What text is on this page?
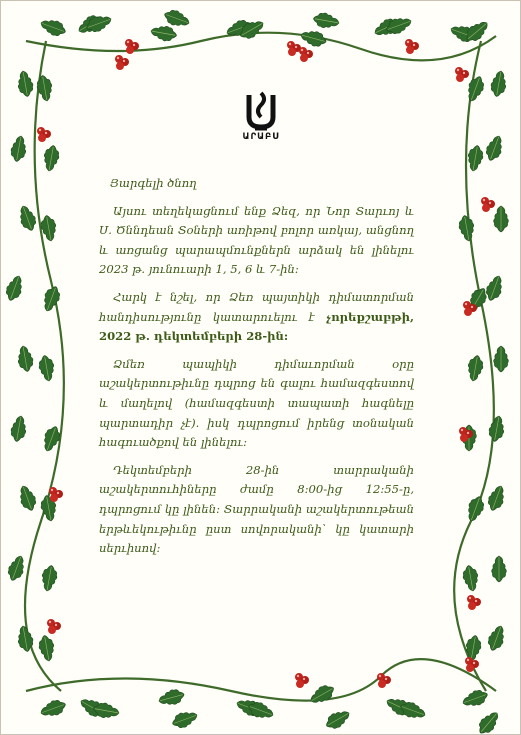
ԱՐԱԲՍ
Յարգելի ծնող

Այսու տեղեկացնում ենք Ձեզ, որ Նոր Տարւոյ և Ս. Ծննդեան Տօների առիթով բոլոր առկայ, անցնող և առցանց պարապմունքներն արձակ են լինելու 2023 թ. յունուարի 1, 5, 6 և 7-ին:

Հարկ է նշել, որ Ձեռ պայտիկի դիմատորման հանդիսությունը կատարուելու է չորեքշաբթի, 2022 թ. դեկտեմբերի 28-ին:

Ձմեռ պապիկի դիմաւորման օրը աշակերտութիւնը դպրոց են գալու համազգեստով և մաղելով (համազգեստի տապատի հագնելը պարտադիր չէ). իսկ դպրոցում իրենց տօնական հագուածքով են լինելու:

Դեկտեմբերի 28-ին տարրականի աշակերտուհիները ժամը 8:00-ից 12:55-ը, դպրոցում կը լինեն: Տարրականի աշակերտութեան երթևեկութիւնը ըստ սովորականի՝ կը կատարի սերւիսով:
